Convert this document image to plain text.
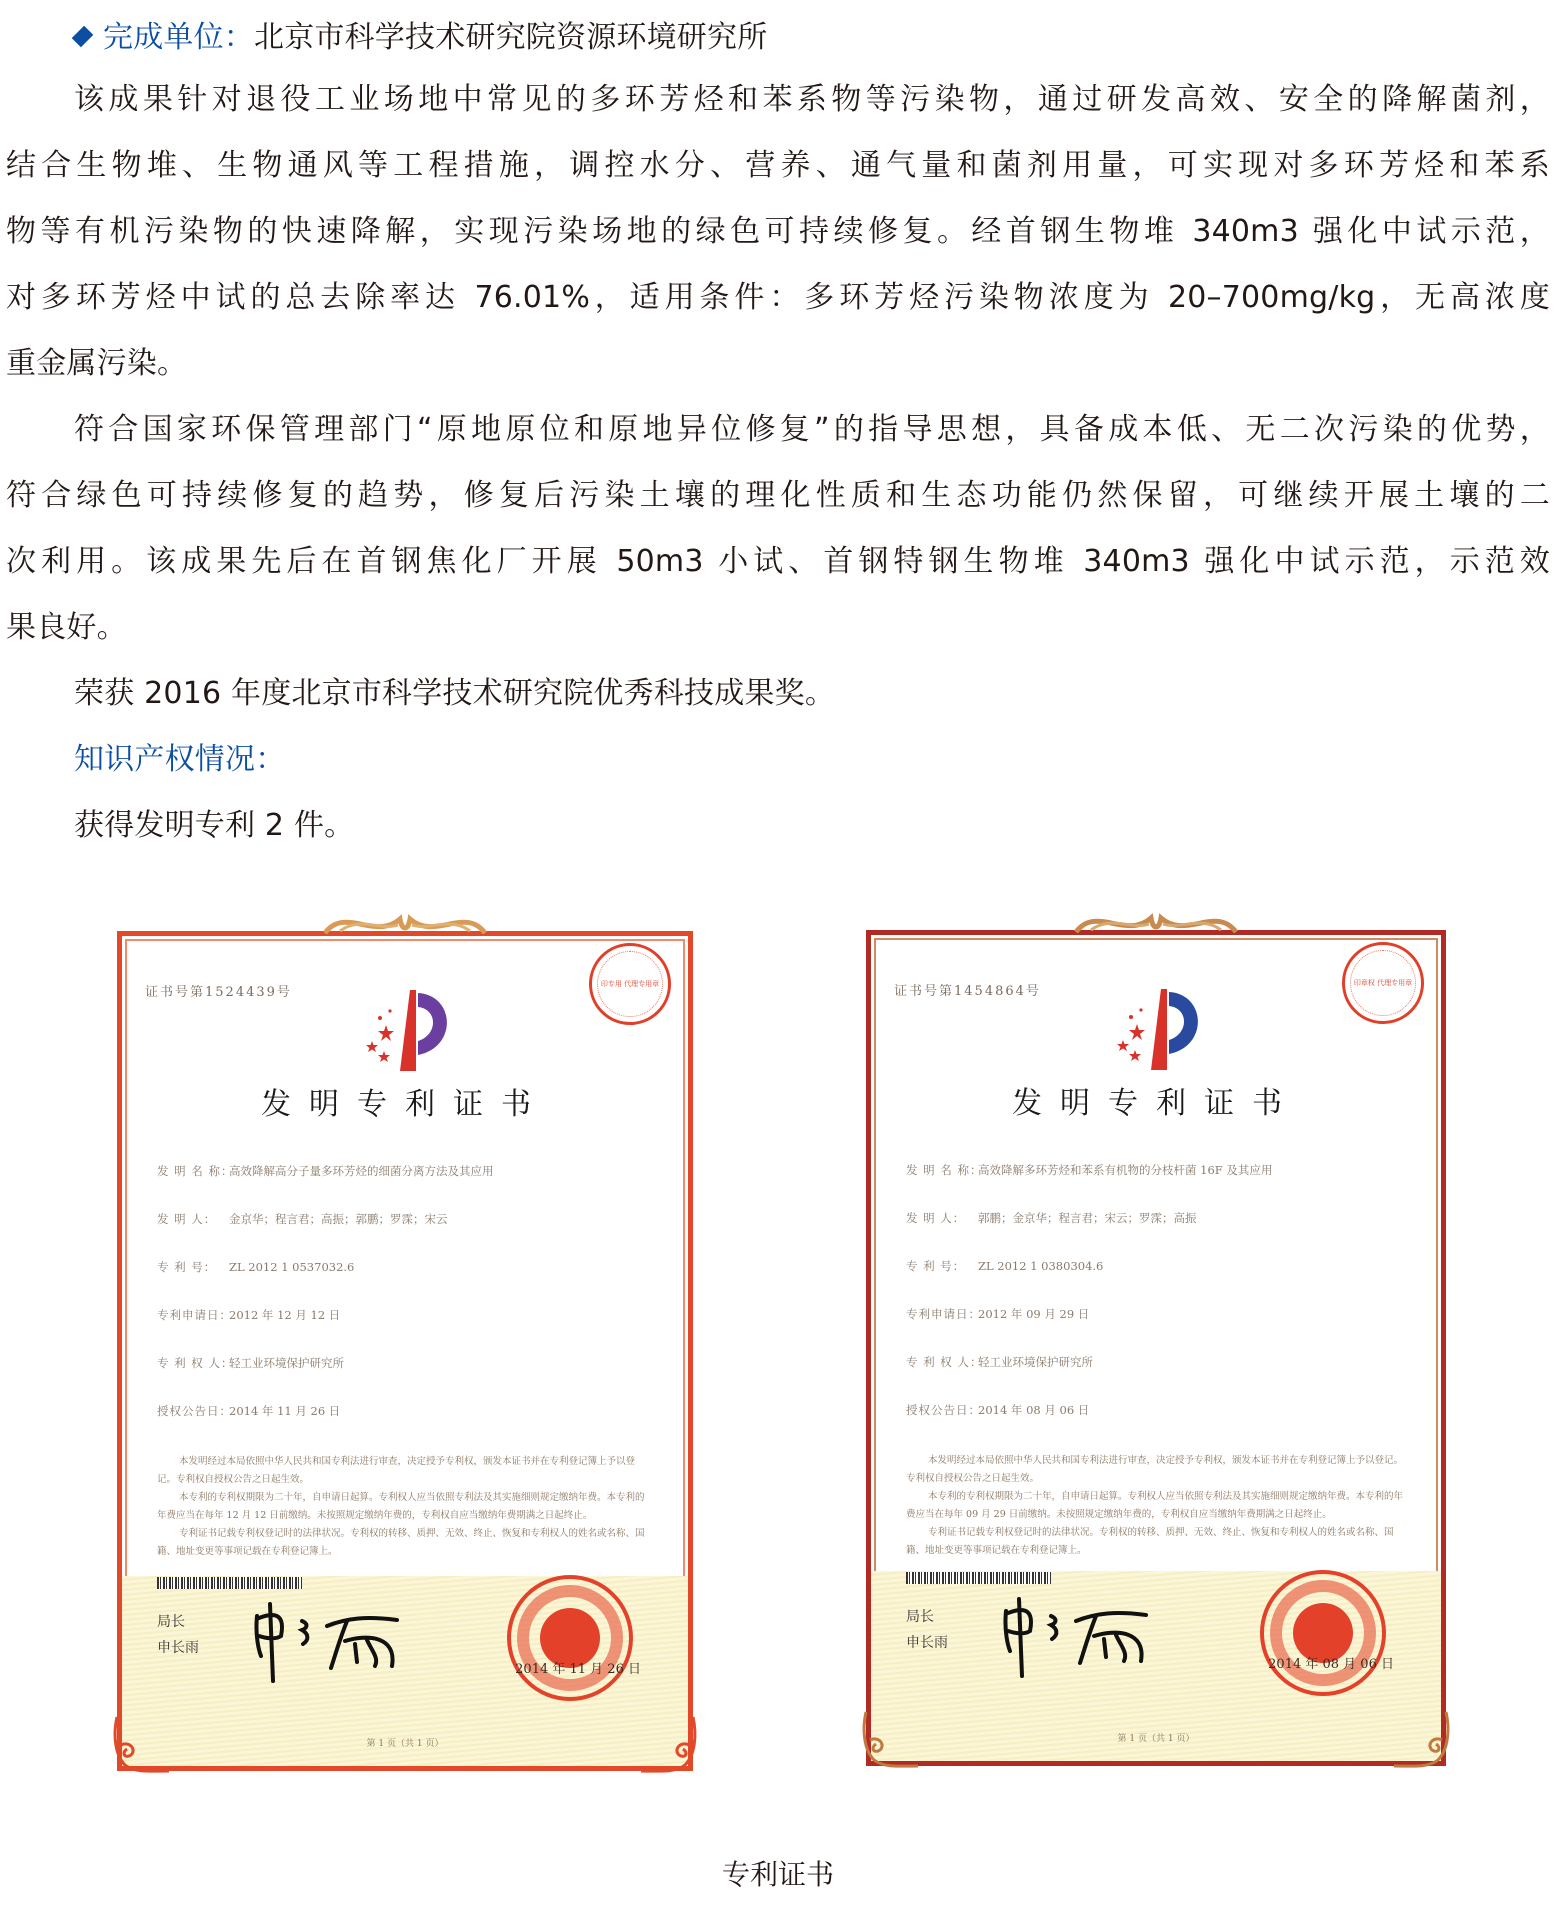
完成单位：北京市科学技术研究院资源环境研究所
该成果针对退役工业场地中常见的多环芳烃和苯系物等污染物，通过研发高效、安全的降解菌剂，
结合生物堆、生物通风等工程措施，调控水分、营养、通气量和菌剂用量，可实现对多环芳烃和苯系
物等有机污染物的快速降解，实现污染场地的绿色可持续修复。经首钢生物堆 340m3 强化中试示范，
对多环芳烃中试的总去除率达 76.01%，适用条件：多环芳烃污染物浓度为 20–700mg/kg，无高浓度
重金属污染。
符合国家环保管理部门“原地原位和原地异位修复”的指导思想，具备成本低、无二次污染的优势，
符合绿色可持续修复的趋势，修复后污染土壤的理化性质和生态功能仍然保留，可继续开展土壤的二
次利用。该成果先后在首钢焦化厂开展 50m3 小试、首钢特钢生物堆 340m3 强化中试示范，示范效
果良好。
荣获 2016 年度北京市科学技术研究院优秀科技成果奖。
知识产权情况：
获得发明专利 2 件。
证书号第1524439号
印专用 代理专用章
发明专利证书
发 明 名 称：高效降解高分子量多环芳烃的细菌分离方法及其应用
发 明 人： 金京华；程言君；高振；郭鹏；罗霂；宋云
专 利 号： ZL 2012 1 0537032.6
专利申请日：2012 年 12 月 12 日
专 利 权 人：轻工业环境保护研究所
授权公告日：2014 年 11 月 26 日

本发明经过本局依照中华人民共和国专利法进行审查，决定授予专利权，颁发本证书并在专利登记簿上予以登记。专利权自授权公告之日起生效。

本专利的专利权期限为二十年，自申请日起算。专利权人应当依照专利法及其实施细则规定缴纳年费。本专利的年费应当在每年 12 月 12 日前缴纳。未按照规定缴纳年费的，专利权自应当缴纳年费期满之日起终止。

专利证书记载专利权登记时的法律状况。专利权的转移、质押、无效、终止、恢复和专利权人的姓名或名称、国籍、地址变更等事项记载在专利登记簿上。

局长
申长雨
2014 年 11 月 26 日
第 1 页（共 1 页）
证书号第1454864号
印章权 代理专用章
发明专利证书
发 明 名 称：高效降解多环芳烃和苯系有机物的分枝杆菌 16F 及其应用
发 明 人： 郭鹏；金京华；程言君；宋云；罗霂；高振
专 利 号： ZL 2012 1 0380304.6
专利申请日：2012 年 09 月 29 日
专 利 权 人：轻工业环境保护研究所
授权公告日：2014 年 08 月 06 日

本发明经过本局依照中华人民共和国专利法进行审查，决定授予专利权，颁发本证书并在专利登记簿上予以登记。专利权自授权公告之日起生效。

本专利的专利权期限为二十年，自申请日起算。专利权人应当依照专利法及其实施细则规定缴纳年费。本专利的年费应当在每年 09 月 29 日前缴纳。未按照规定缴纳年费的，专利权自应当缴纳年费期满之日起终止。

专利证书记载专利权登记时的法律状况。专利权的转移、质押、无效、终止、恢复和专利权人的姓名或名称、国籍、地址变更等事项记载在专利登记簿上。

局长
申长雨
2014 年 08 月 06 日
第 1 页（共 1 页）
专利证书
